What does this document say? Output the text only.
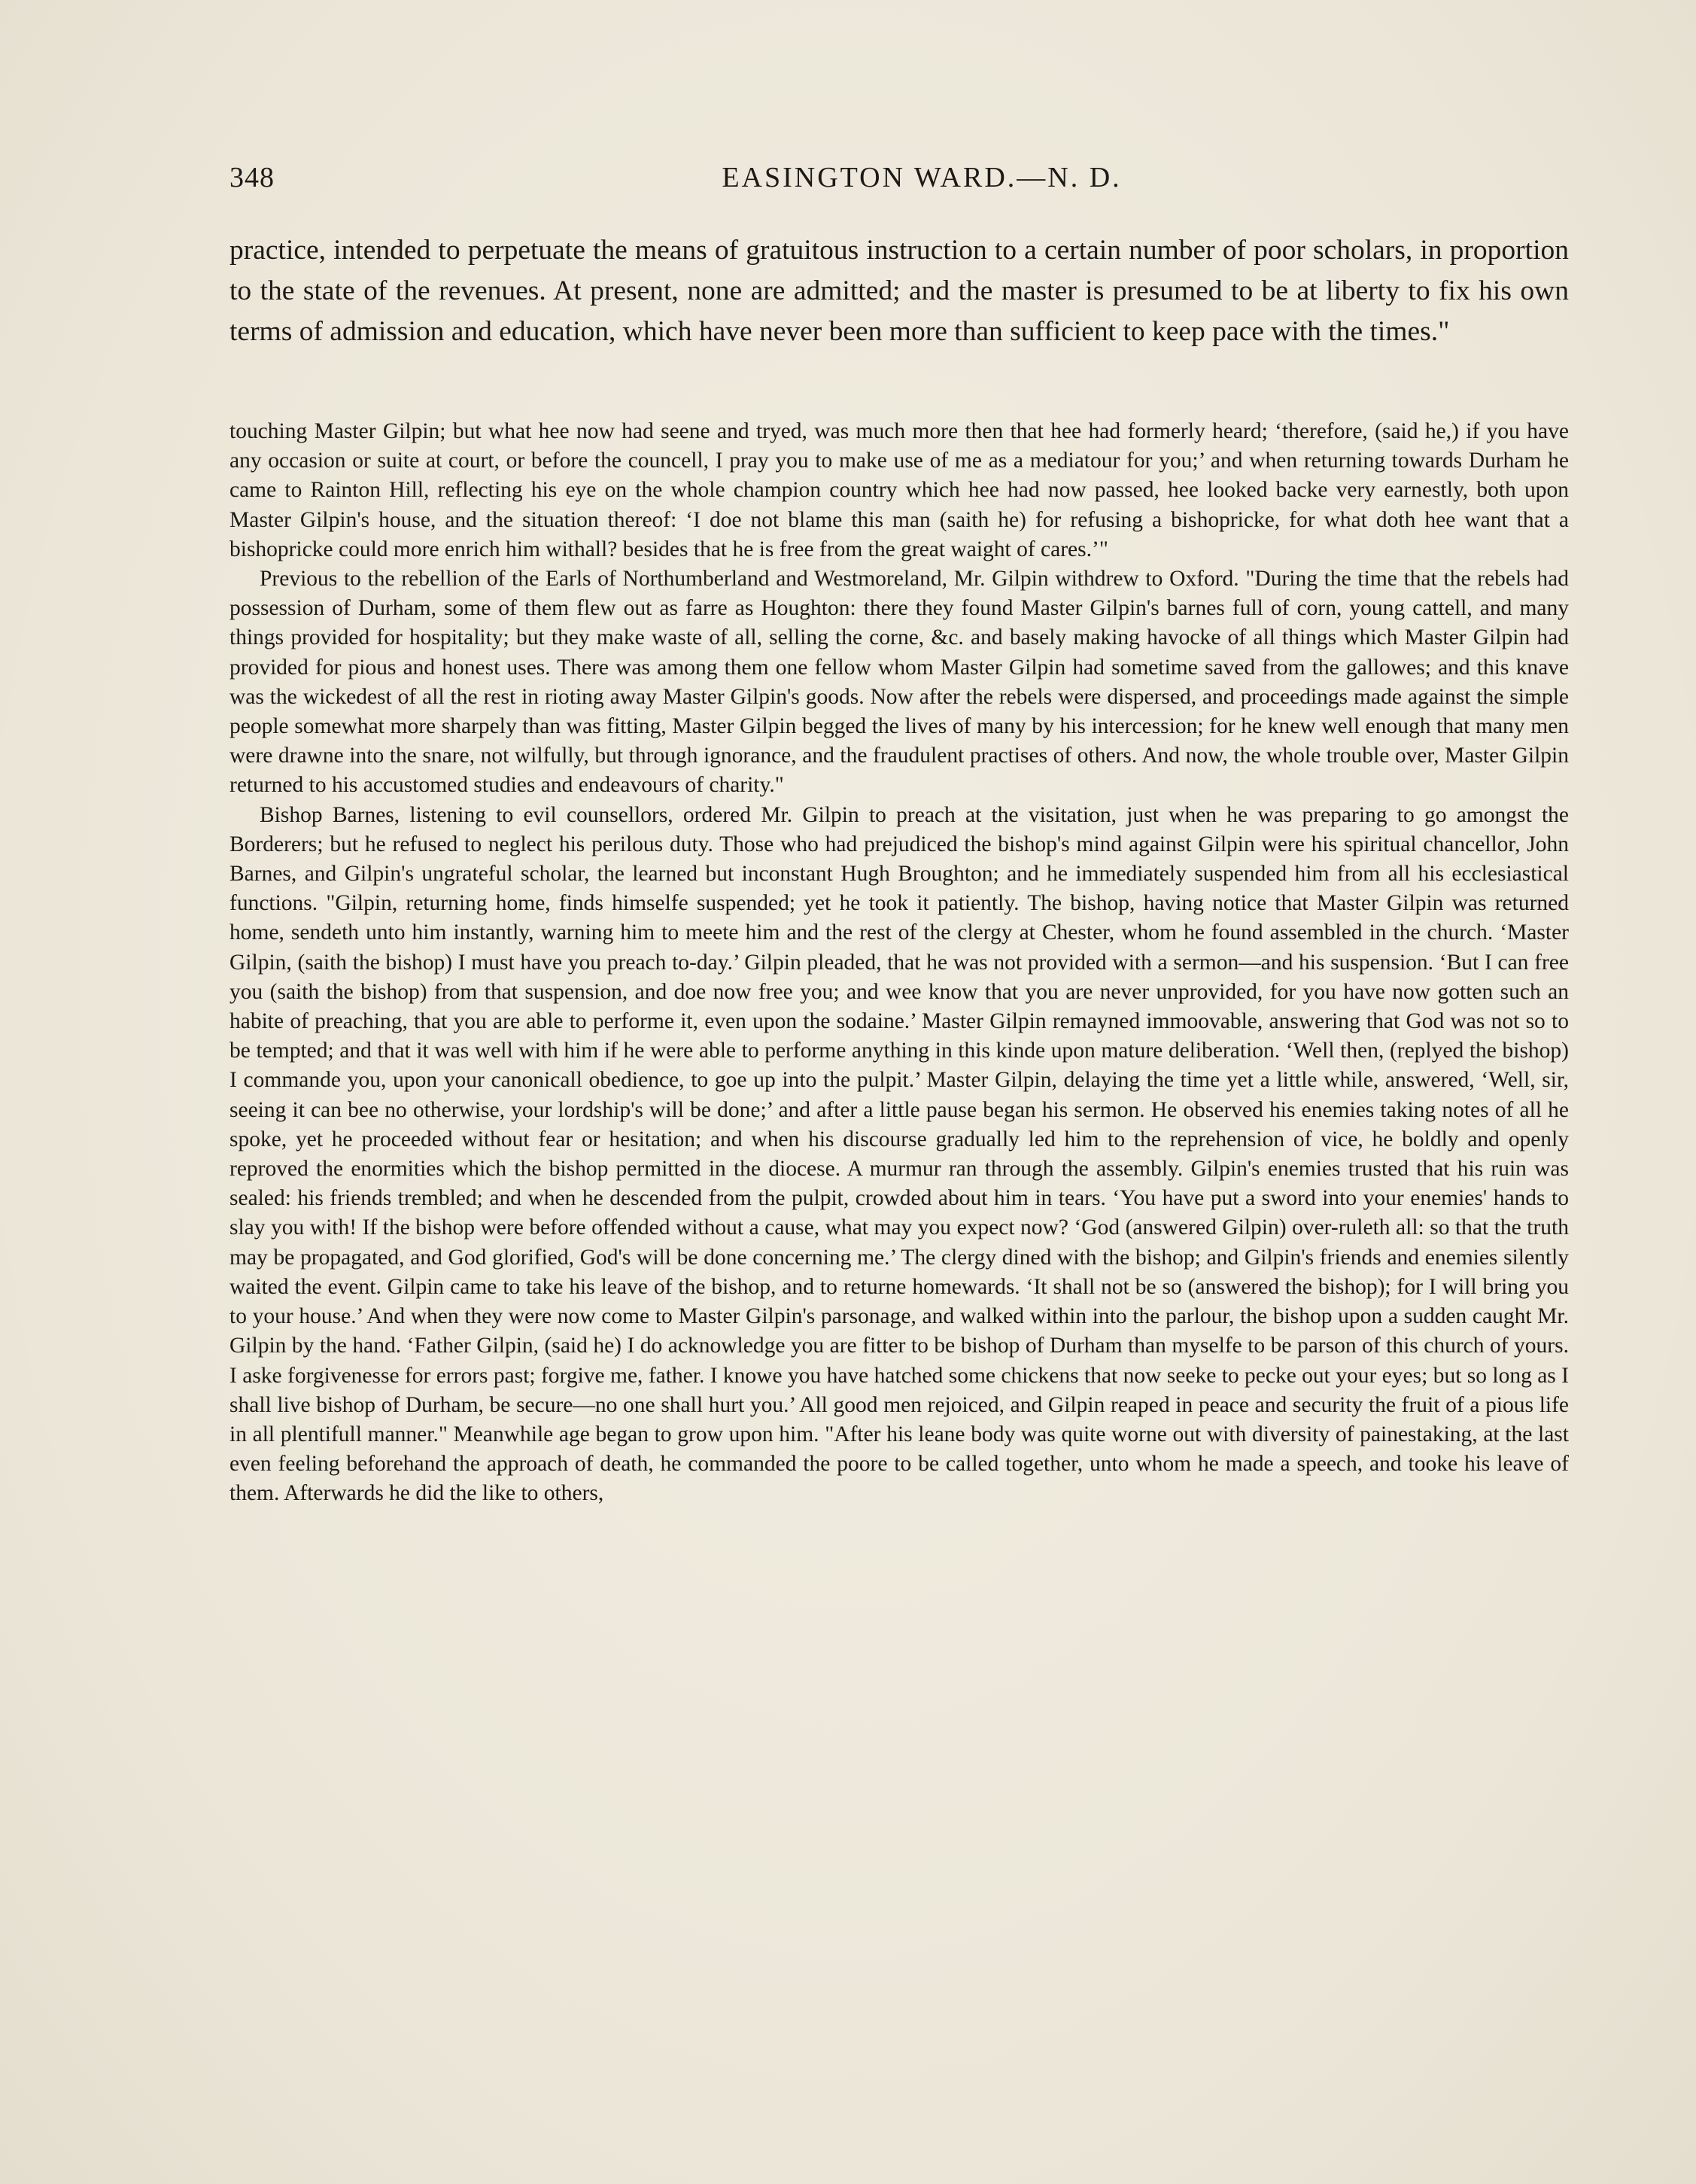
348	EASINGTON WARD.—N. D.

practice, intended to perpetuate the means of gratuitous instruction to a certain number of poor scholars, in proportion to the state of the revenues. At present, none are admitted; and the master is presumed to be at liberty to fix his own terms of admission and education, which have never been more than sufficient to keep pace with the times."

touching Master Gilpin; but what hee now had seene and tryed, was much more then that hee had formerly heard; ‘therefore, (said he,) if you have any occasion or suite at court, or before the councell, I pray you to make use of me as a mediatour for you;’ and when returning towards Durham he came to Rainton Hill, reflecting his eye on the whole champion country which hee had now passed, hee looked backe very earnestly, both upon Master Gilpin's house, and the situation thereof: ‘I doe not blame this man (saith he) for refusing a bishopricke, for what doth hee want that a bishopricke could more enrich him withall? besides that he is free from the great waight of cares.’"

Previous to the rebellion of the Earls of Northumberland and Westmoreland, Mr. Gilpin withdrew to Oxford. "During the time that the rebels had possession of Durham, some of them flew out as farre as Houghton: there they found Master Gilpin's barnes full of corn, young cattell, and many things provided for hospitality; but they make waste of all, selling the corne, &c. and basely making havocke of all things which Master Gilpin had provided for pious and honest uses. There was among them one fellow whom Master Gilpin had sometime saved from the gallowes; and this knave was the wickedest of all the rest in rioting away Master Gilpin's goods. Now after the rebels were dispersed, and proceedings made against the simple people somewhat more sharpely than was fitting, Master Gilpin begged the lives of many by his intercession; for he knew well enough that many men were drawne into the snare, not wilfully, but through ignorance, and the fraudulent practises of others. And now, the whole trouble over, Master Gilpin returned to his accustomed studies and endeavours of charity."

Bishop Barnes, listening to evil counsellors, ordered Mr. Gilpin to preach at the visitation, just when he was preparing to go amongst the Borderers; but he refused to neglect his perilous duty. Those who had prejudiced the bishop's mind against Gilpin were his spiritual chancellor, John Barnes, and Gilpin's ungrateful scholar, the learned but inconstant Hugh Broughton; and he immediately suspended him from all his ecclesiastical functions. "Gilpin, returning home, finds himselfe suspended; yet he took it patiently. The bishop, having notice that Master Gilpin was returned home, sendeth unto him instantly, warning him to meete him and the rest of the clergy at Chester, whom he found assembled in the church. ‘Master Gilpin, (saith the bishop) I must have you preach to-day.’ Gilpin pleaded, that he was not provided with a sermon—and his suspension. ‘But I can free you (saith the bishop) from that suspension, and doe now free you; and wee know that you are never unprovided, for you have now gotten such an habite of preaching, that you are able to performe it, even upon the sodaine.’ Master Gilpin remayned immoovable, answering that God was not so to be tempted; and that it was well with him if he were able to performe anything in this kinde upon mature deliberation. ‘Well then, (replyed the bishop) I commande you, upon your canonicall obedience, to goe up into the pulpit.’ Master Gilpin, delaying the time yet a little while, answered, ‘Well, sir, seeing it can bee no otherwise, your lordship's will be done;’ and after a little pause began his sermon. He observed his enemies taking notes of all he spoke, yet he proceeded without fear or hesitation; and when his discourse gradually led him to the reprehension of vice, he boldly and openly reproved the enormities which the bishop permitted in the diocese. A murmur ran through the assembly. Gilpin's enemies trusted that his ruin was sealed: his friends trembled; and when he descended from the pulpit, crowded about him in tears. ‘You have put a sword into your enemies' hands to slay you with! If the bishop were before offended without a cause, what may you expect now? ‘God (answered Gilpin) over-ruleth all: so that the truth may be propagated, and God glorified, God's will be done concerning me.’ The clergy dined with the bishop; and Gilpin's friends and enemies silently waited the event. Gilpin came to take his leave of the bishop, and to returne homewards. ‘It shall not be so (answered the bishop); for I will bring you to your house.’ And when they were now come to Master Gilpin's parsonage, and walked within into the parlour, the bishop upon a sudden caught Mr. Gilpin by the hand. ‘Father Gilpin, (said he) I do acknowledge you are fitter to be bishop of Durham than myselfe to be parson of this church of yours. I aske forgivenesse for errors past; forgive me, father. I knowe you have hatched some chickens that now seeke to pecke out your eyes; but so long as I shall live bishop of Durham, be secure—no one shall hurt you.’ All good men rejoiced, and Gilpin reaped in peace and security the fruit of a pious life in all plentifull manner." Meanwhile age began to grow upon him. "After his leane body was quite worne out with diversity of painestaking, at the last even feeling beforehand the approach of death, he commanded the poore to be called together, unto whom he made a speech, and tooke his leave of them. Afterwards he did the like to others,
